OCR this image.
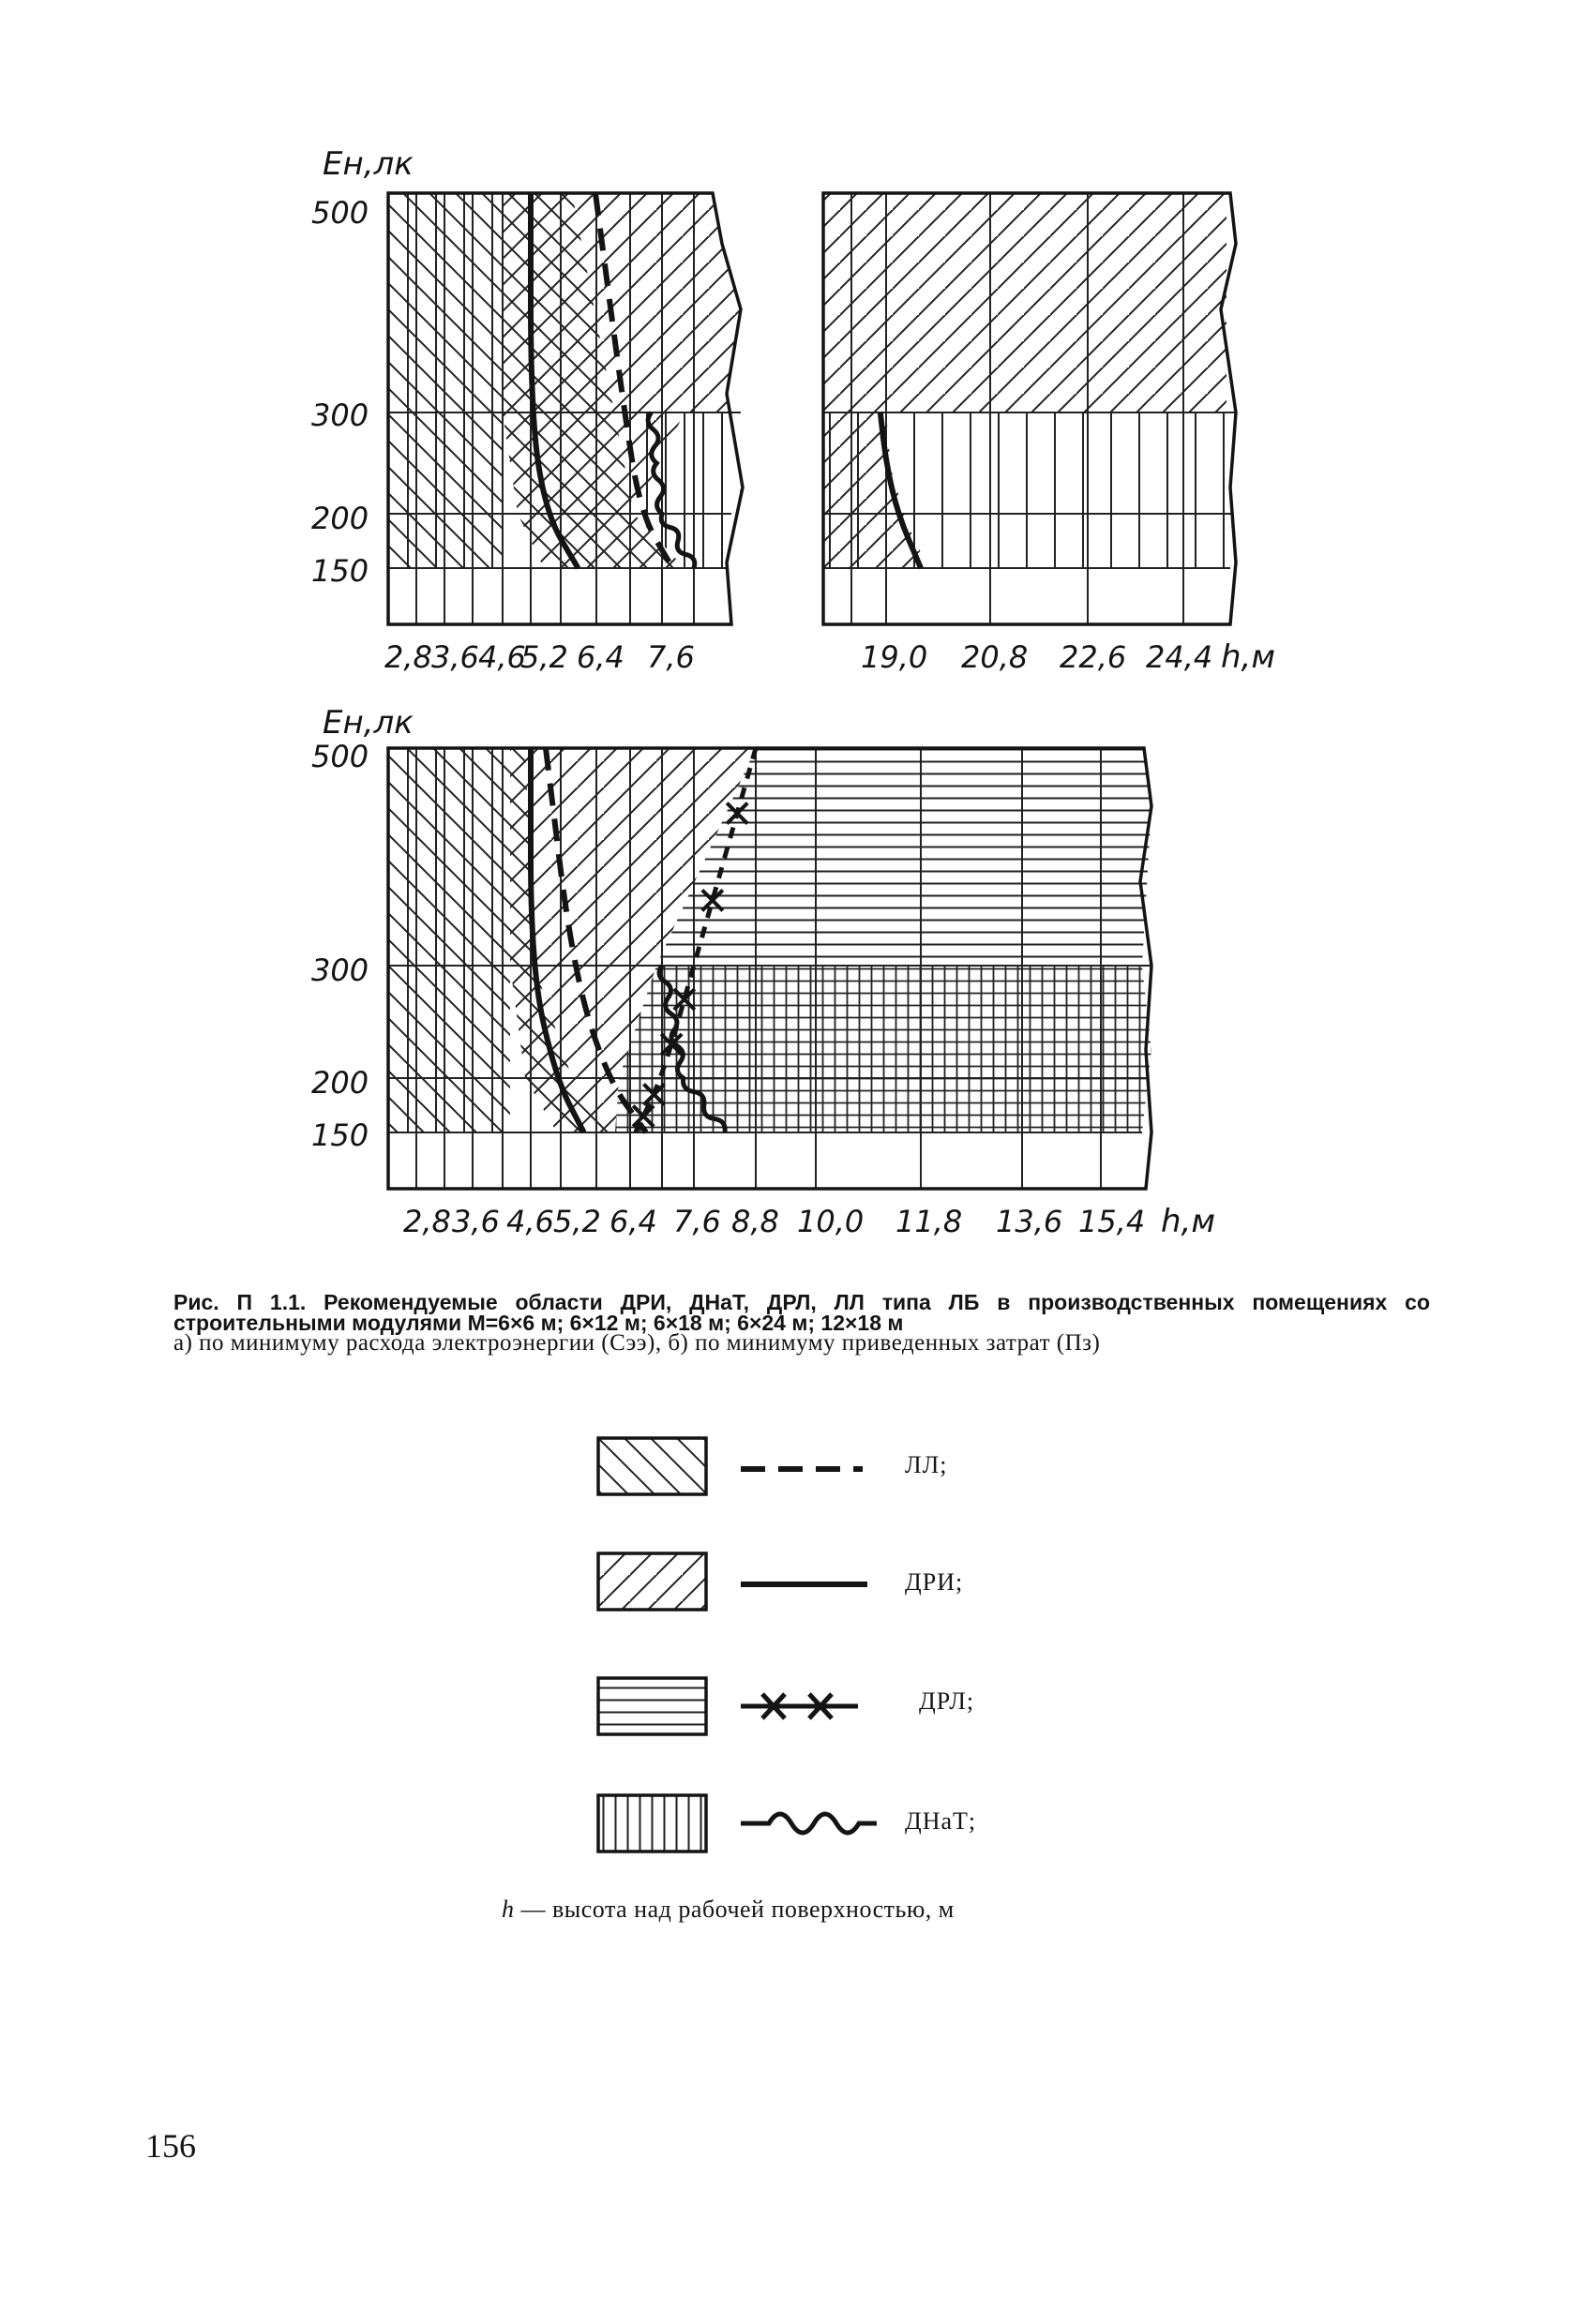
Ен,лк
500
300
200
150
2,8 3,6 4,6
5,2 6,4 7,6	19,0 20,8 22,6 24,4 h,м
Ен,лк
500
300
200
150
2,8 3,6 4,6 5,2 6,4 7,6 8,8 10,0 11,8 13,6 15,4 h,м
Рис. П 1.1. Рекомендуемые области ДРИ, ДНаТ, ДРЛ, ЛЛ типа ЛБ в производственных помещениях со строительными модулями М=6×6 м; 6×12 м; 6×18 м; 6×24 м; 12×18 м
а) по минимуму расхода электроэнергии (Сээ), б) по минимуму приведенных затрат (Пз)
ЛЛ;
ДРИ;
ДРЛ;
ДНаТ;
h — высота над рабочей поверхностью, м
156
